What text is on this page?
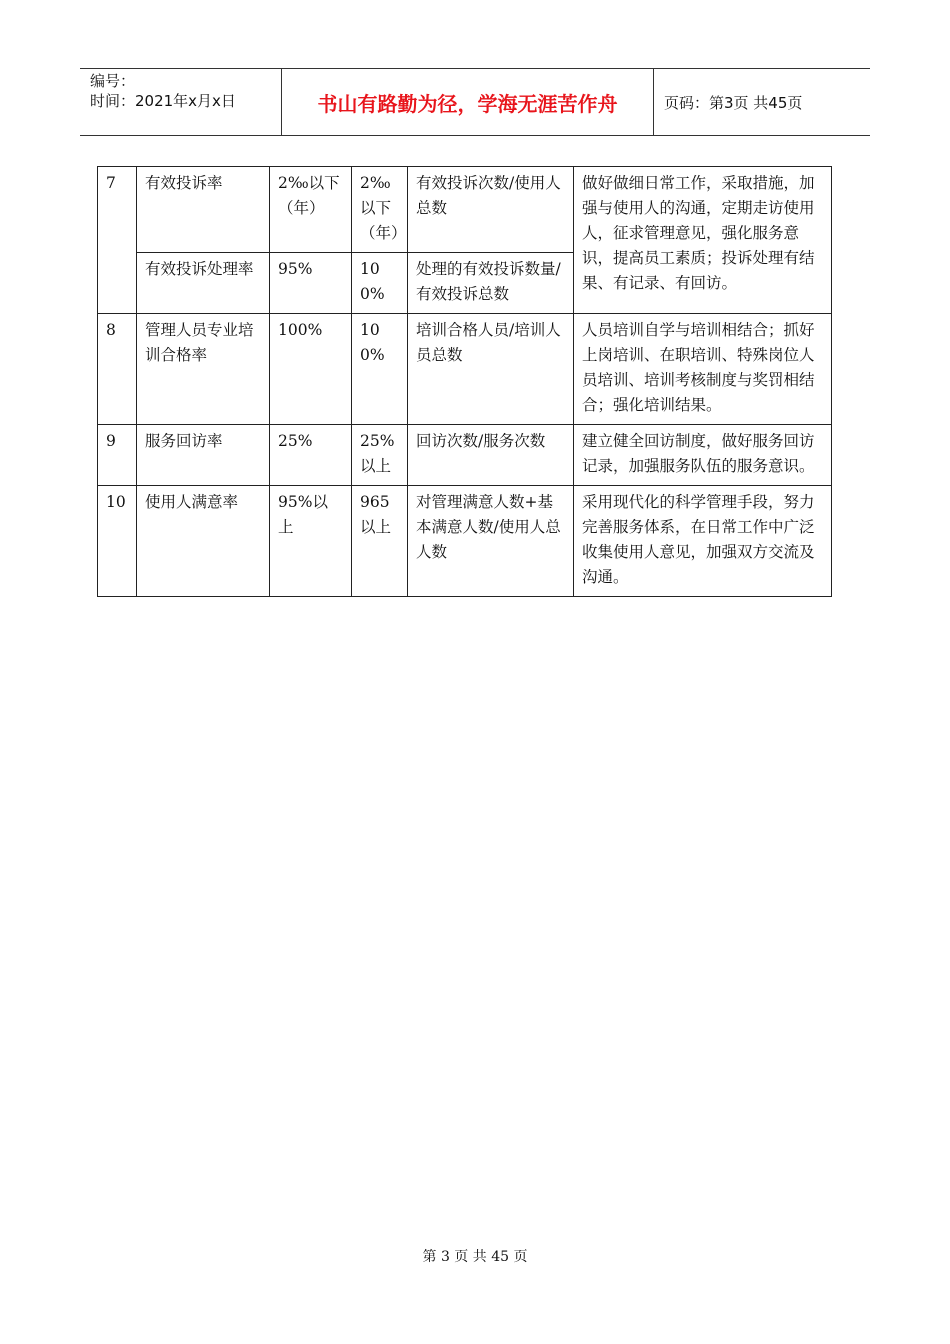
编号：
时间：2021年x月x日	书山有路勤为径，学海无涯苦作舟	页码：第3页 共45页
7	有效投诉率	2‰以下（年）	2‰以下（年）	有效投诉次数/使用人总数	做好做细日常工作，采取措施，加强与使用人的沟通，定期走访使用人，征求管理意见，强化服务意识，提高员工素质；投诉处理有结果、有记录、有回访。
	有效投诉处理率	95%	100%	处理的有效投诉数量/有效投诉总数	
8	管理人员专业培训合格率	100%	100%	培训合格人员/培训人员总数	人员培训自学与培训相结合；抓好上岗培训、在职培训、特殊岗位人员培训、培训考核制度与奖罚相结合；强化培训结果。
9	服务回访率	25%	25%以上	回访次数/服务次数	建立健全回访制度，做好服务回访记录，加强服务队伍的服务意识。
10	使用人满意率	95%以上	965以上	对管理满意人数+基本满意人数/使用人总人数	采用现代化的科学管理手段，努力完善服务体系，在日常工作中广泛收集使用人意见，加强双方交流及沟通。
第 3 页 共 45 页
